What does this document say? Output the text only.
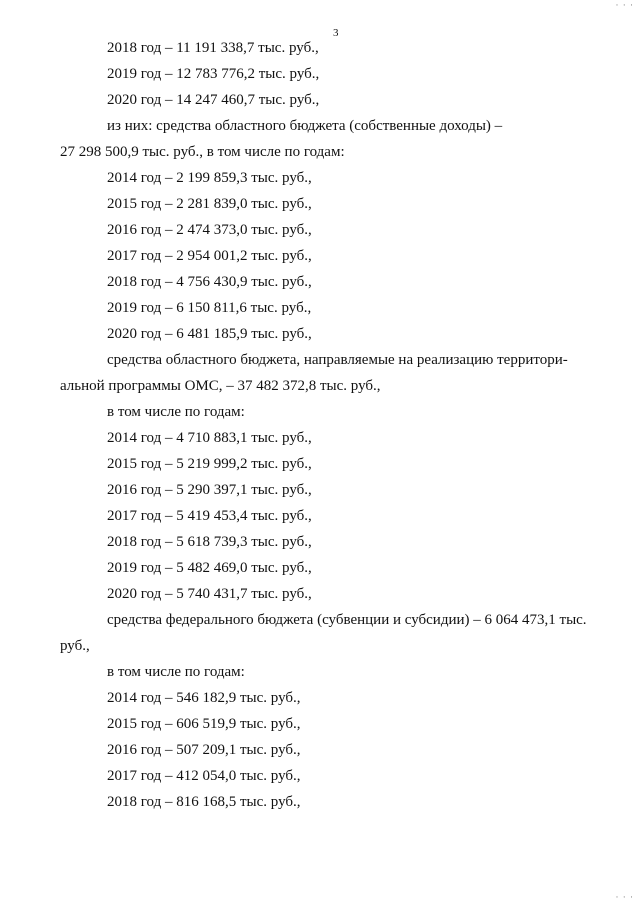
· · ·
3
2018 год – 11 191 338,7 тыс. руб.,
2019 год – 12 783 776,2 тыс. руб.,
2020 год – 14 247 460,7 тыс. руб.,
из них: средства областного бюджета (собственные доходы) –
27 298 500,9 тыс. руб., в том числе по годам:
2014 год – 2 199 859,3 тыс. руб.,
2015 год – 2 281 839,0 тыс. руб.,
2016 год – 2 474 373,0 тыс. руб.,
2017 год – 2 954 001,2 тыс. руб.,
2018 год – 4 756 430,9 тыс. руб.,
2019 год – 6 150 811,6 тыс. руб.,
2020 год – 6 481 185,9 тыс. руб.,
средства областного бюджета, направляемые на реализацию территори-
альной программы ОМС, – 37 482 372,8 тыс. руб.,
в том числе по годам:
2014 год – 4 710 883,1 тыс. руб.,
2015 год – 5 219 999,2 тыс. руб.,
2016 год – 5 290 397,1 тыс. руб.,
2017 год – 5 419 453,4 тыс. руб.,
2018 год – 5 618 739,3 тыс. руб.,
2019 год – 5 482 469,0 тыс. руб.,
2020 год – 5 740 431,7 тыс. руб.,
средства федерального бюджета (субвенции и субсидии) – 6 064 473,1 тыс.
руб.,
в том числе по годам:
2014 год – 546 182,9 тыс. руб.,
2015 год – 606 519,9 тыс. руб.,
2016 год – 507 209,1 тыс. руб.,
2017 год – 412 054,0 тыс. руб.,
2018 год – 816 168,5 тыс. руб.,
· · ·
